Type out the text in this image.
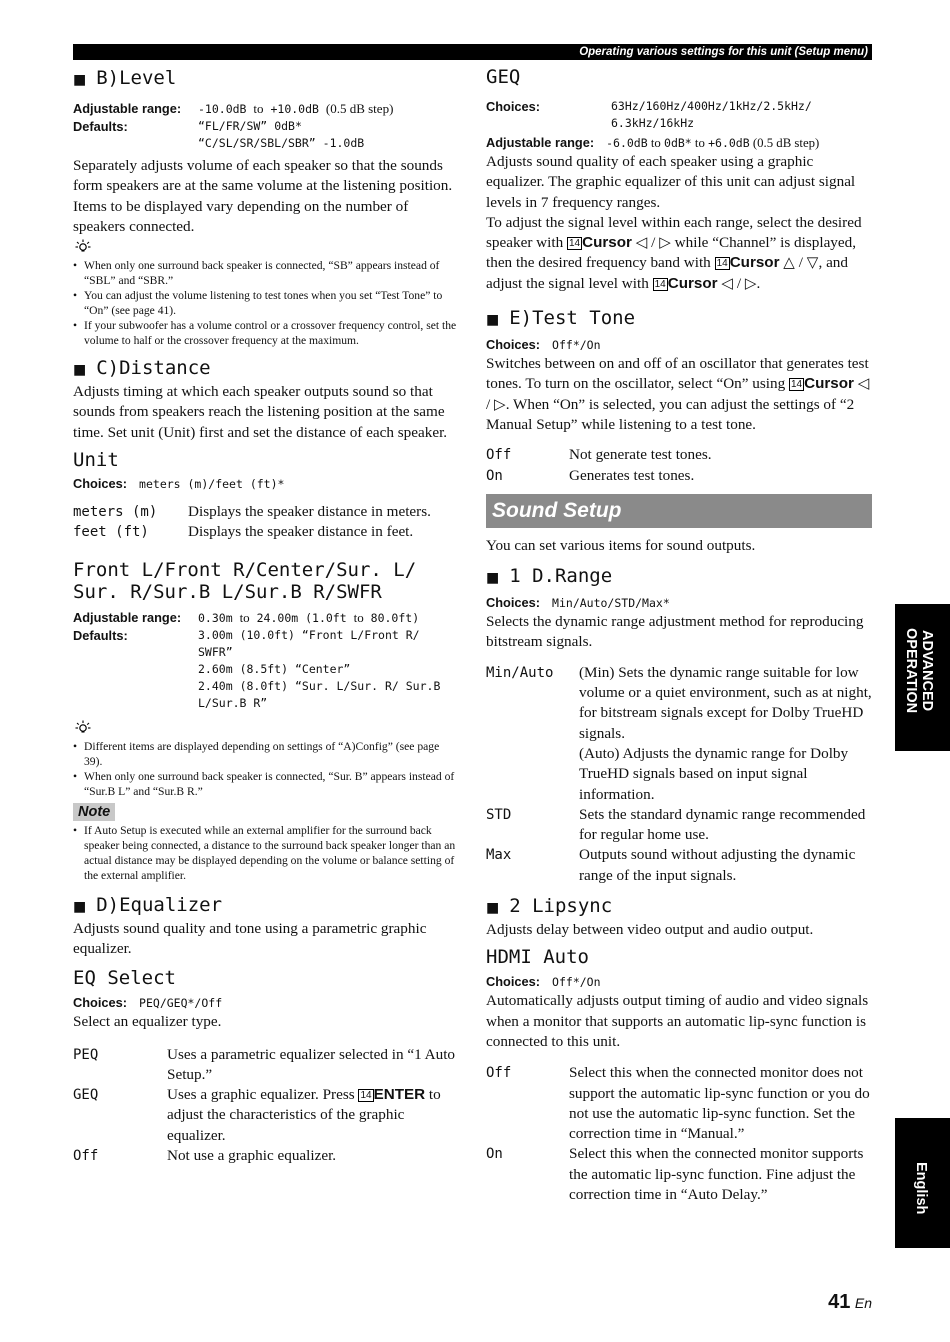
Operating various settings for this unit (Setup menu)
■ B)Level
Adjustable range:	-10.0dB to +10.0dB (0.5 dB step)
Defaults:	“FL/FR/SW” 0dB*
“C/SL/SR/SBL/SBR” -1.0dB

Separately adjusts volume of each speaker so that the sounds form speakers are at the same volume at the listening position. Items to be displayed vary depending on the number of speakers connected.

• When only one surround back speaker is connected, “SB” appears instead of “SBL” and “SBR.”
• You can adjust the volume listening to test tones when you set “Test Tone” to “On” (see page 41).
• If your subwoofer has a volume control or a crossover frequency control, set the volume to half or the crossover frequency at the maximum.
■ C)Distance

Adjusts timing at which each speaker outputs sound so that sounds from speakers reach the listening position at the same time. Set unit (Unit) first and set the distance of each speaker.

Unit
Choices: meters (m)/feet (ft)*
meters (m)	Displays the speaker distance in meters.
feet (ft)	Displays the speaker distance in feet.
Front L/Front R/Center/Sur. L/
Sur. R/Sur.B L/Sur.B R/SWFR
Adjustable range:	0.30m to 24.00m (1.0ft to 80.0ft)
Defaults:	3.00m (10.0ft) “Front L/Front R/ SWFR”
2.60m (8.5ft) “Center”
2.40m (8.0ft) “Sur. L/Sur. R/ Sur.B L/Sur.B R”
• Different items are displayed depending on settings of “A)Config” (see page 39).
• When only one surround back speaker is connected, “Sur. B” appears instead of “Sur.B L” and “Sur.B R.”
Note
• If Auto Setup is executed while an external amplifier for the surround back speaker being connected, a distance to the surround back speaker longer than an actual distance may be displayed depending on the volume or balance setting of the external amplifier.
■ D)Equalizer

Adjusts sound quality and tone using a parametric graphic equalizer.

EQ Select
Choices: PEQ/GEQ*/Off

Select an equalizer type.

PEQ	Uses a parametric equalizer selected in “1 Auto Setup.”
GEQ	Uses a graphic equalizer. Press 14 ENTER to adjust the characteristics of the graphic equalizer.
Off	Not use a graphic equalizer.
GEQ
Choices:	63Hz/160Hz/400Hz/1kHz/2.5kHz/
6.3kHz/16kHz
Adjustable range: -6.0dB to 0dB* to +6.0dB (0.5 dB step)

Adjusts sound quality of each speaker using a graphic equalizer. The graphic equalizer of this unit can adjust signal levels in 7 frequency ranges.

To adjust the signal level within each range, select the desired speaker with 14 Cursor ◁ / ▷ while “Channel” is displayed, then the desired frequency band with 14 Cursor △ / ▽, and adjust the signal level with 14 Cursor ◁ / ▷.

■ E)Test Tone
Choices: Off*/On

Switches between on and off of an oscillator that generates test tones. To turn on the oscillator, select “On” using 14 Cursor ◁ / ▷. When “On” is selected, you can adjust the settings of “2 Manual Setup” while listening to a test tone.

Off	Not generate test tones.
On	Generates test tones.
Sound Setup

You can set various items for sound outputs.

■ 1 D.Range
Choices: Min/Auto/STD/Max*

Selects the dynamic range adjustment method for reproducing bitstream signals.

Min/Auto	(Min) Sets the dynamic range suitable for low volume or a quiet environment, such as at night, for bitstream signals except for Dolby TrueHD signals.
(Auto) Adjusts the dynamic range for Dolby TrueHD signals based on input signal information.
STD	Sets the standard dynamic range recommended for regular home use.
Max	Outputs sound without adjusting the dynamic range of the input signals.
■ 2 Lipsync

Adjusts delay between video output and audio output.

HDMI Auto
Choices: Off*/On

Automatically adjusts output timing of audio and video signals when a monitor that supports an automatic lip-sync function is connected to this unit.

Off	Select this when the connected monitor does not support the automatic lip-sync function or you do not use the automatic lip-sync function. Set the correction time in “Manual.”
On	Select this when the connected monitor supports the automatic lip-sync function. Fine adjust the correction time in “Auto Delay.”
ADVANCED
OPERATION
English
41 En
